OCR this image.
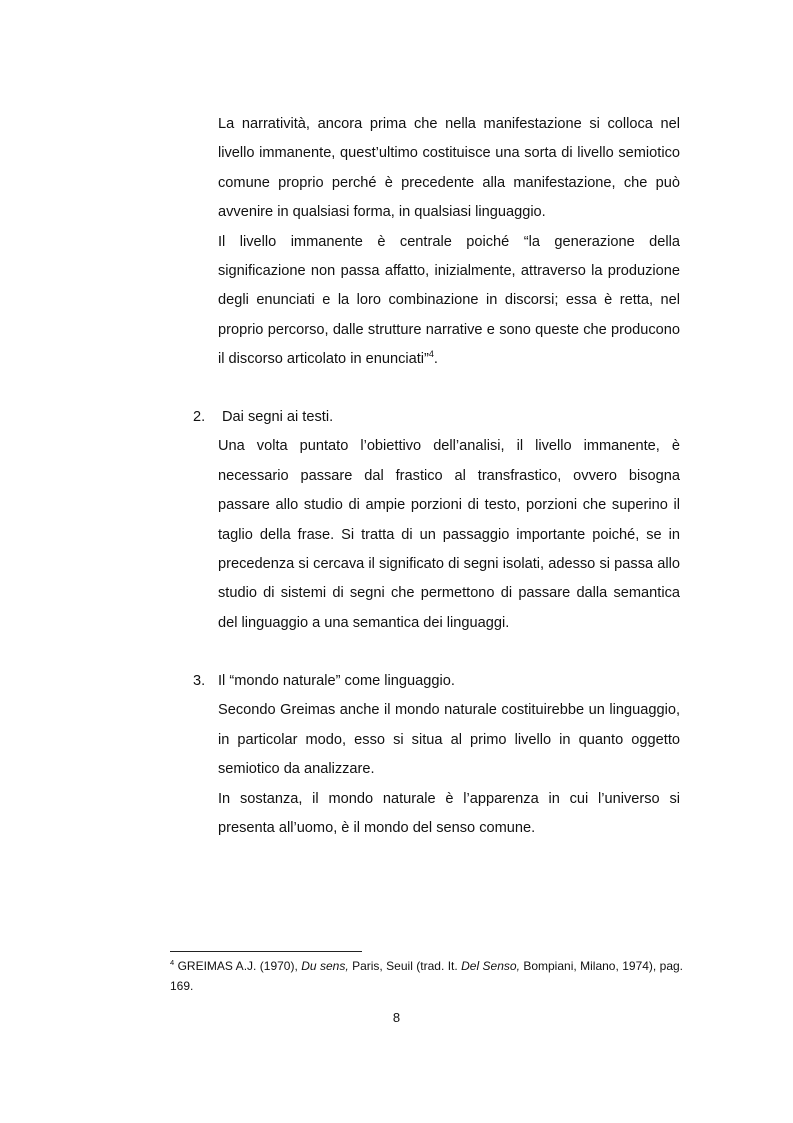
La narratività, ancora prima che nella manifestazione si colloca nel livello immanente, quest’ultimo costituisce una sorta di livello semiotico comune proprio perché è precedente alla manifestazione, che può avvenire in qualsiasi forma, in qualsiasi linguaggio.

Il livello immanente è centrale poiché “la generazione della significazione non passa affatto, inizialmente, attraverso la produzione degli enunciati e la loro combinazione in discorsi; essa è retta, nel proprio percorso, dalle strutture narrative e sono queste che producono il discorso articolato in enunciati”$^4$.

2. Dai segni ai testi.

Una volta puntato l’obiettivo dell’analisi, il livello immanente, è necessario passare dal frastico al transfrastico, ovvero bisogna passare allo studio di ampie porzioni di testo, porzioni che superino il taglio della frase. Si tratta di un passaggio importante poiché, se in precedenza si cercava il significato di segni isolati, adesso si passa allo studio di sistemi di segni che permettono di passare dalla semantica del linguaggio a una semantica dei linguaggi.

3. Il “mondo naturale” come linguaggio.

Secondo Greimas anche il mondo naturale costituirebbe un linguaggio, in particolar modo, esso si situa al primo livello in quanto oggetto semiotico da analizzare.

In sostanza, il mondo naturale è l’apparenza in cui l’universo si presenta all’uomo, è il mondo del senso comune.

$^4$ GREIMAS A.J. (1970), Du sens, Paris, Seuil (trad. It. Del Senso, Bompiani, Milano, 1974), pag. 169.
8
